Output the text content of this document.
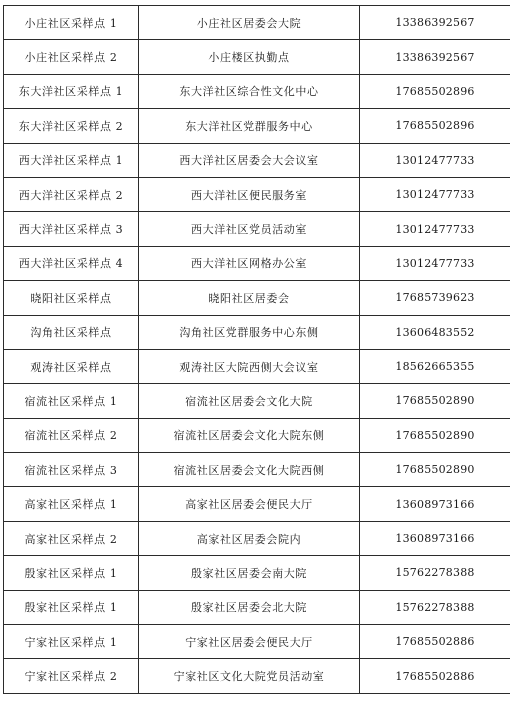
小庄社区采样点 1	小庄社区居委会大院	13386392567
小庄社区采样点 2	小庄楼区执勤点	13386392567
东大洋社区采样点 1	东大洋社区综合性文化中心	17685502896
东大洋社区采样点 2	东大洋社区党群服务中心	17685502896
西大洋社区采样点 1	西大洋社区居委会大会议室	13012477733
西大洋社区采样点 2	西大洋社区便民服务室	13012477733
西大洋社区采样点 3	西大洋社区党员活动室	13012477733
西大洋社区采样点 4	西大洋社区网格办公室	13012477733
晓阳社区采样点	晓阳社区居委会	17685739623
沟角社区采样点	沟角社区党群服务中心东侧	13606483552
观涛社区采样点	观涛社区大院西侧大会议室	18562665355
宿流社区采样点 1	宿流社区居委会文化大院	17685502890
宿流社区采样点 2	宿流社区居委会文化大院东侧	17685502890
宿流社区采样点 3	宿流社区居委会文化大院西侧	17685502890
高家社区采样点 1	高家社区居委会便民大厅	13608973166
高家社区采样点 2	高家社区居委会院内	13608973166
殷家社区采样点 1	殷家社区居委会南大院	15762278388
殷家社区采样点 1	殷家社区居委会北大院	15762278388
宁家社区采样点 1	宁家社区居委会便民大厅	17685502886
宁家社区采样点 2	宁家社区文化大院党员活动室	17685502886
